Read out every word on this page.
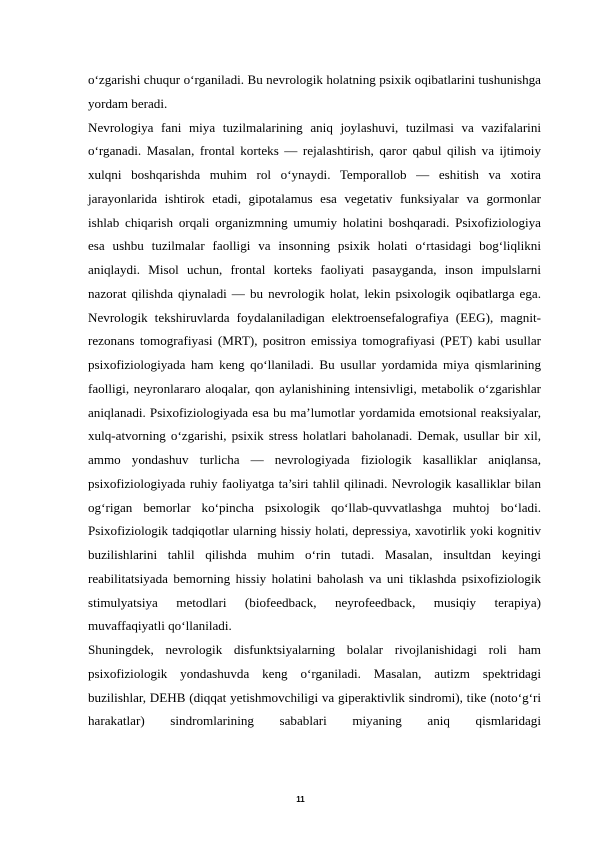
o‘zgarishi chuqur o‘rganiladi. Bu nevrologik holatning psixik oqibatlarini tushunishga yordam beradi.

Nevrologiya fani miya tuzilmalarining aniq joylashuvi, tuzilmasi va vazifalarini o‘rganadi. Masalan, frontal korteks — rejalashtirish, qaror qabul qilish va ijtimoiy xulqni boshqarishda muhim rol o‘ynaydi. Temporallob — eshitish va xotira jarayonlarida ishtirok etadi, gipotalamus esa vegetativ funksiyalar va gormonlar ishlab chiqarish orqali organizmning umumiy holatini boshqaradi. Psixofiziologiya esa ushbu tuzilmalar faolligi va insonning psixik holati o‘rtasidagi bog‘liqlikni aniqlaydi. Misol uchun, frontal korteks faoliyati pasayganda, inson impulslarni nazorat qilishda qiynaladi — bu nevrologik holat, lekin psixologik oqibatlarga ega. Nevrologik tekshiruvlarda foydalaniladigan elektroensefalografiya (EEG), magnit-rezonans tomografiyasi (MRT), positron emissiya tomografiyasi (PET) kabi usullar psixofiziologiyada ham keng qo‘llaniladi. Bu usullar yordamida miya qismlarining faolligi, neyronlararo aloqalar, qon aylanishining intensivligi, metabolik o‘zgarishlar aniqlanadi. Psixofiziologiyada esa bu ma’lumotlar yordamida emotsional reaksiyalar, xulq-atvorning o‘zgarishi, psixik stress holatlari baholanadi. Demak, usullar bir xil, ammo yondashuv turlicha — nevrologiyada fiziologik kasalliklar aniqlansa, psixofiziologiyada ruhiy faoliyatga ta’siri tahlil qilinadi. Nevrologik kasalliklar bilan og‘rigan bemorlar ko‘pincha psixologik qo‘llab-quvvatlashga muhtoj bo‘ladi. Psixofiziologik tadqiqotlar ularning hissiy holati, depressiya, xavotirlik yoki kognitiv buzilishlarini tahlil qilishda muhim o‘rin tutadi. Masalan, insultdan keyingi reabilitatsiyada bemorning hissiy holatini baholash va uni tiklashda psixofiziologik stimulyatsiya metodlari (biofeedback, neyrofeedback, musiqiy terapiya) muvaffaqiyatli qo‘llaniladi.

Shuningdek, nevrologik disfunktsiyalarning bolalar rivojlanishidagi roli ham psixofiziologik yondashuvda keng o‘rganiladi. Masalan, autizm spektridagi buzilishlar, DEHB (diqqat yetishmovchiligi va giperaktivlik sindromi), tike (noto‘g‘ri harakatlar) sindromlarining sabablari miyaning aniq qismlaridagi

11
